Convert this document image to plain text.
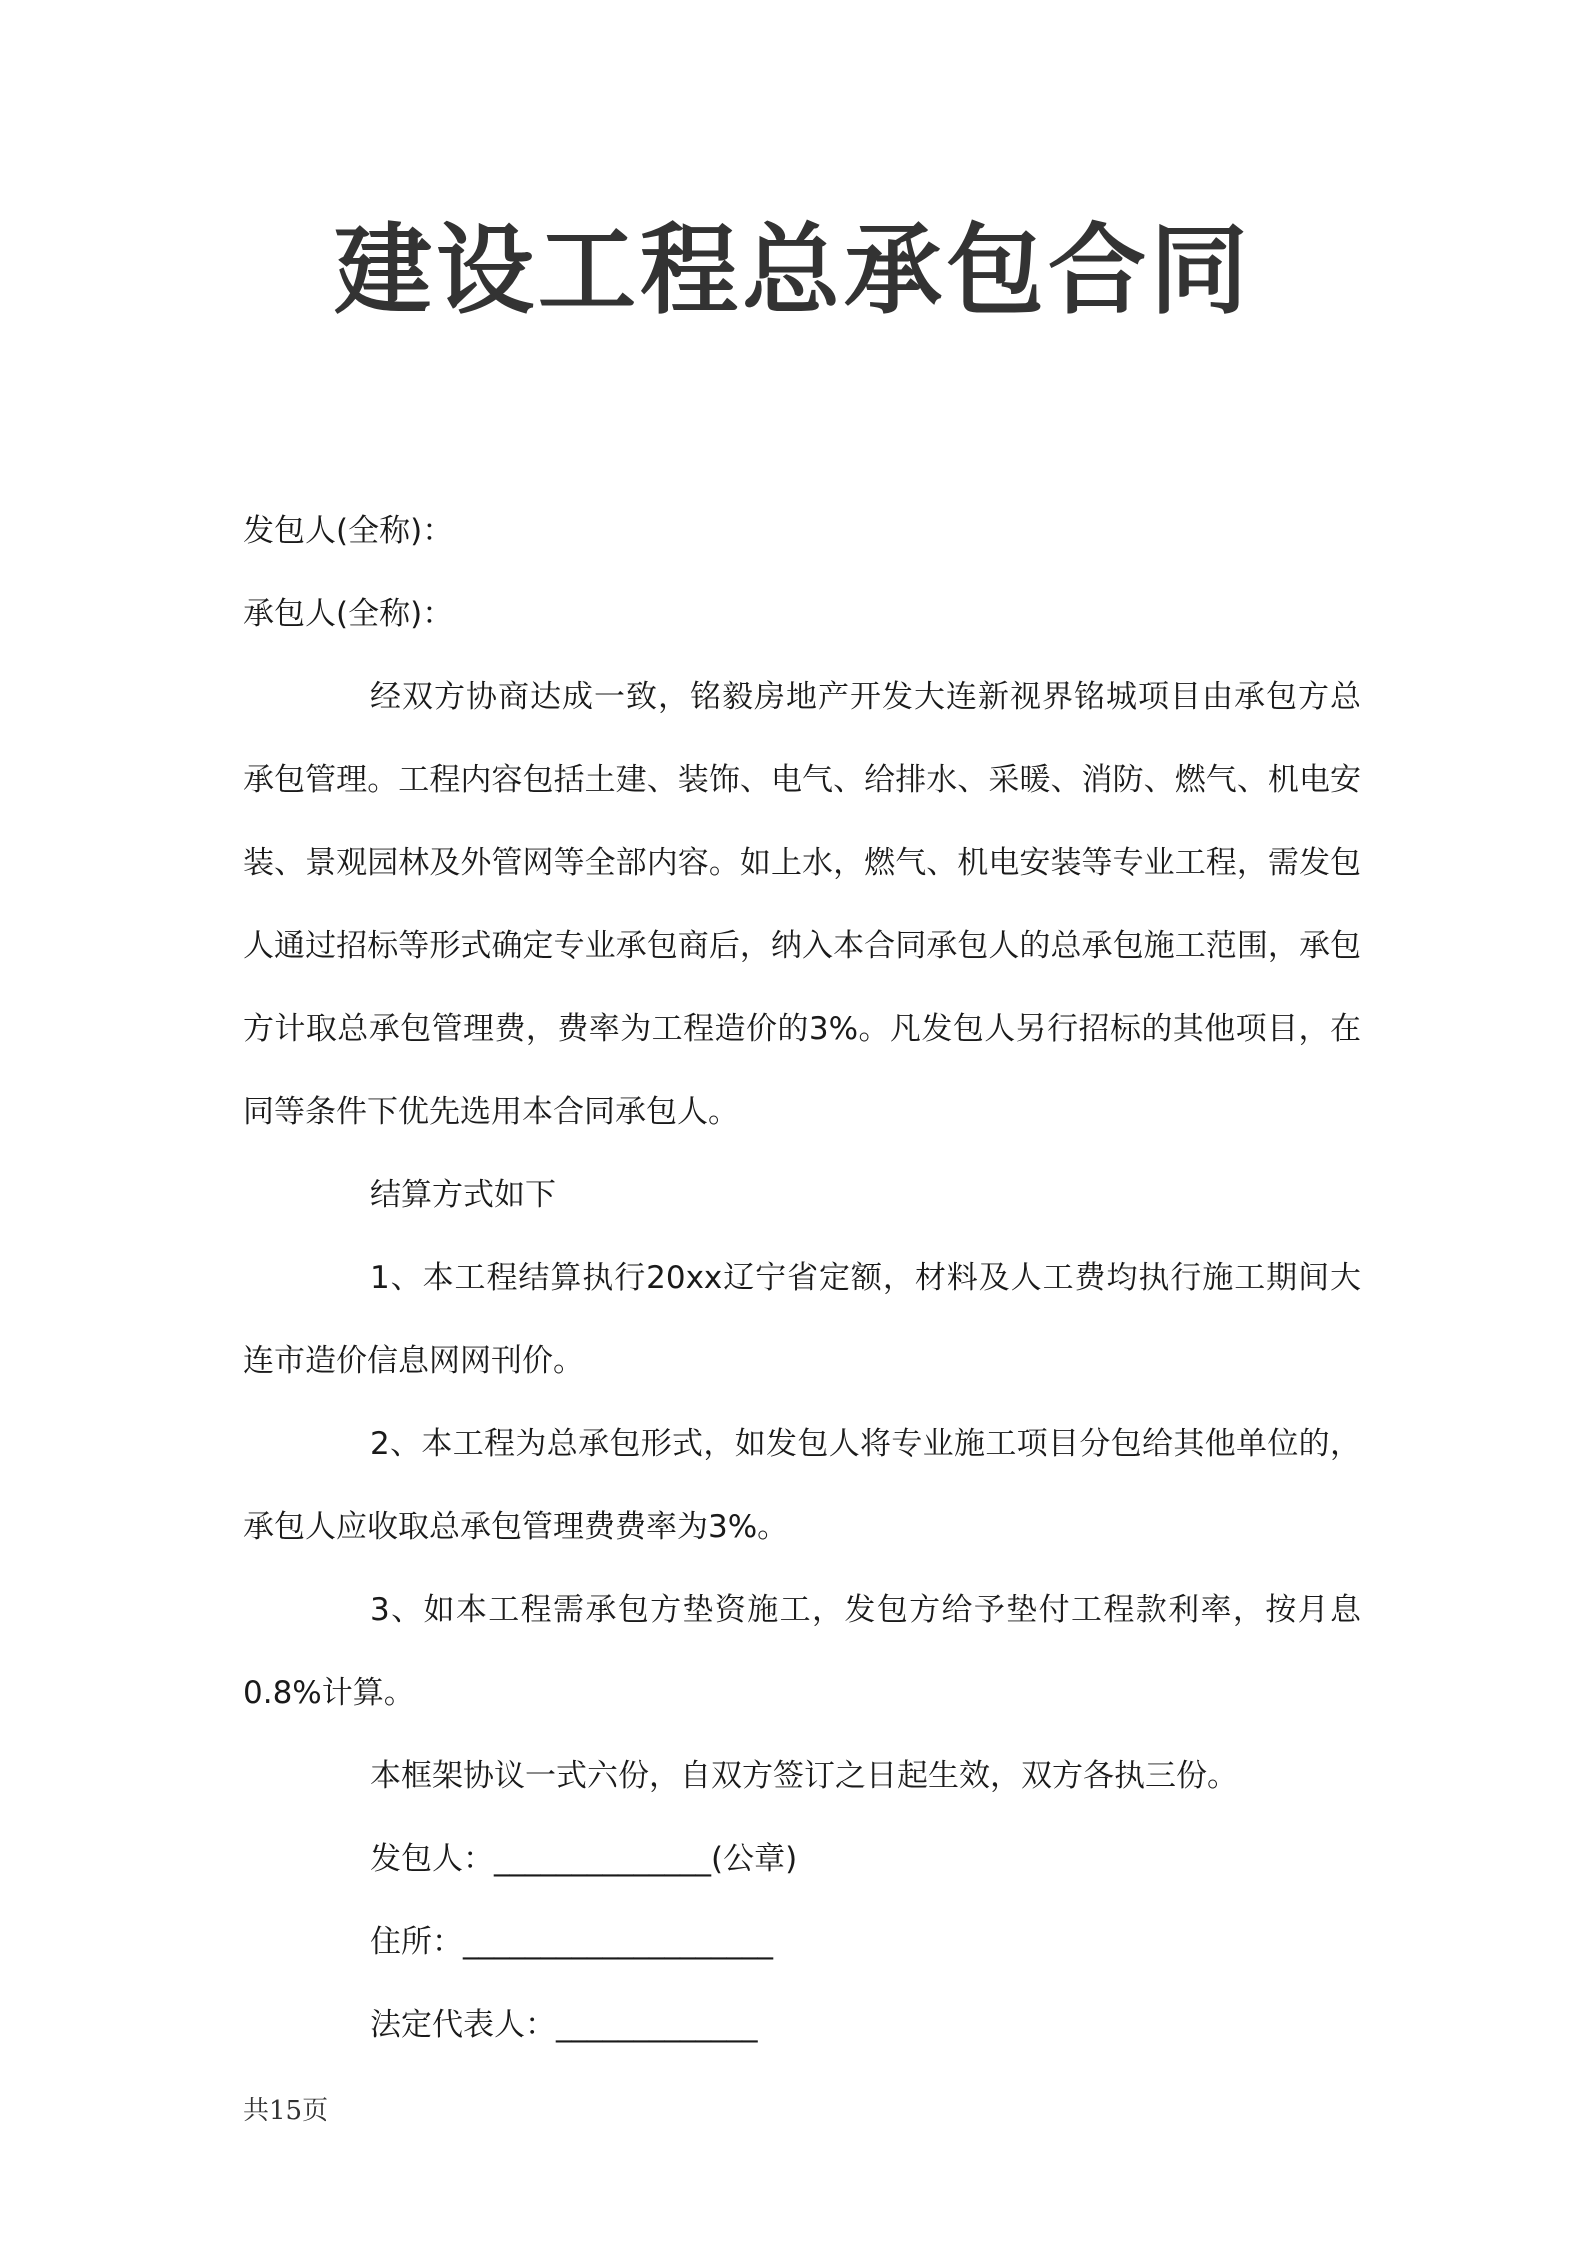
建设工程总承包合同

发包人(全称)：

承包人(全称)：

经双方协商达成一致，铭毅房地产开发大连新视界铭城项目由承包方总承包管理。工程内容包括土建、装饰、电气、给排水、采暖、消防、燃气、机电安装、景观园林及外管网等全部内容。如上水，燃气、机电安装等专业工程，需发包人通过招标等形式确定专业承包商后，纳入本合同承包人的总承包施工范围，承包方计取总承包管理费，费率为工程造价的3%。凡发包人另行招标的其他项目，在同等条件下优先选用本合同承包人。

结算方式如下

1、本工程结算执行20xx辽宁省定额，材料及人工费均执行施工期间大连市造价信息网网刊价。

2、本工程为总承包形式，如发包人将专业施工项目分包给其他单位的，承包人应收取总承包管理费费率为3%。

3、如本工程需承包方垫资施工，发包方给予垫付工程款利率，按月息0.8%计算。

本框架协议一式六份，自双方签订之日起生效，双方各执三份。

发包人：______________(公章)

住所：____________________

法定代表人：_____________

共15页
